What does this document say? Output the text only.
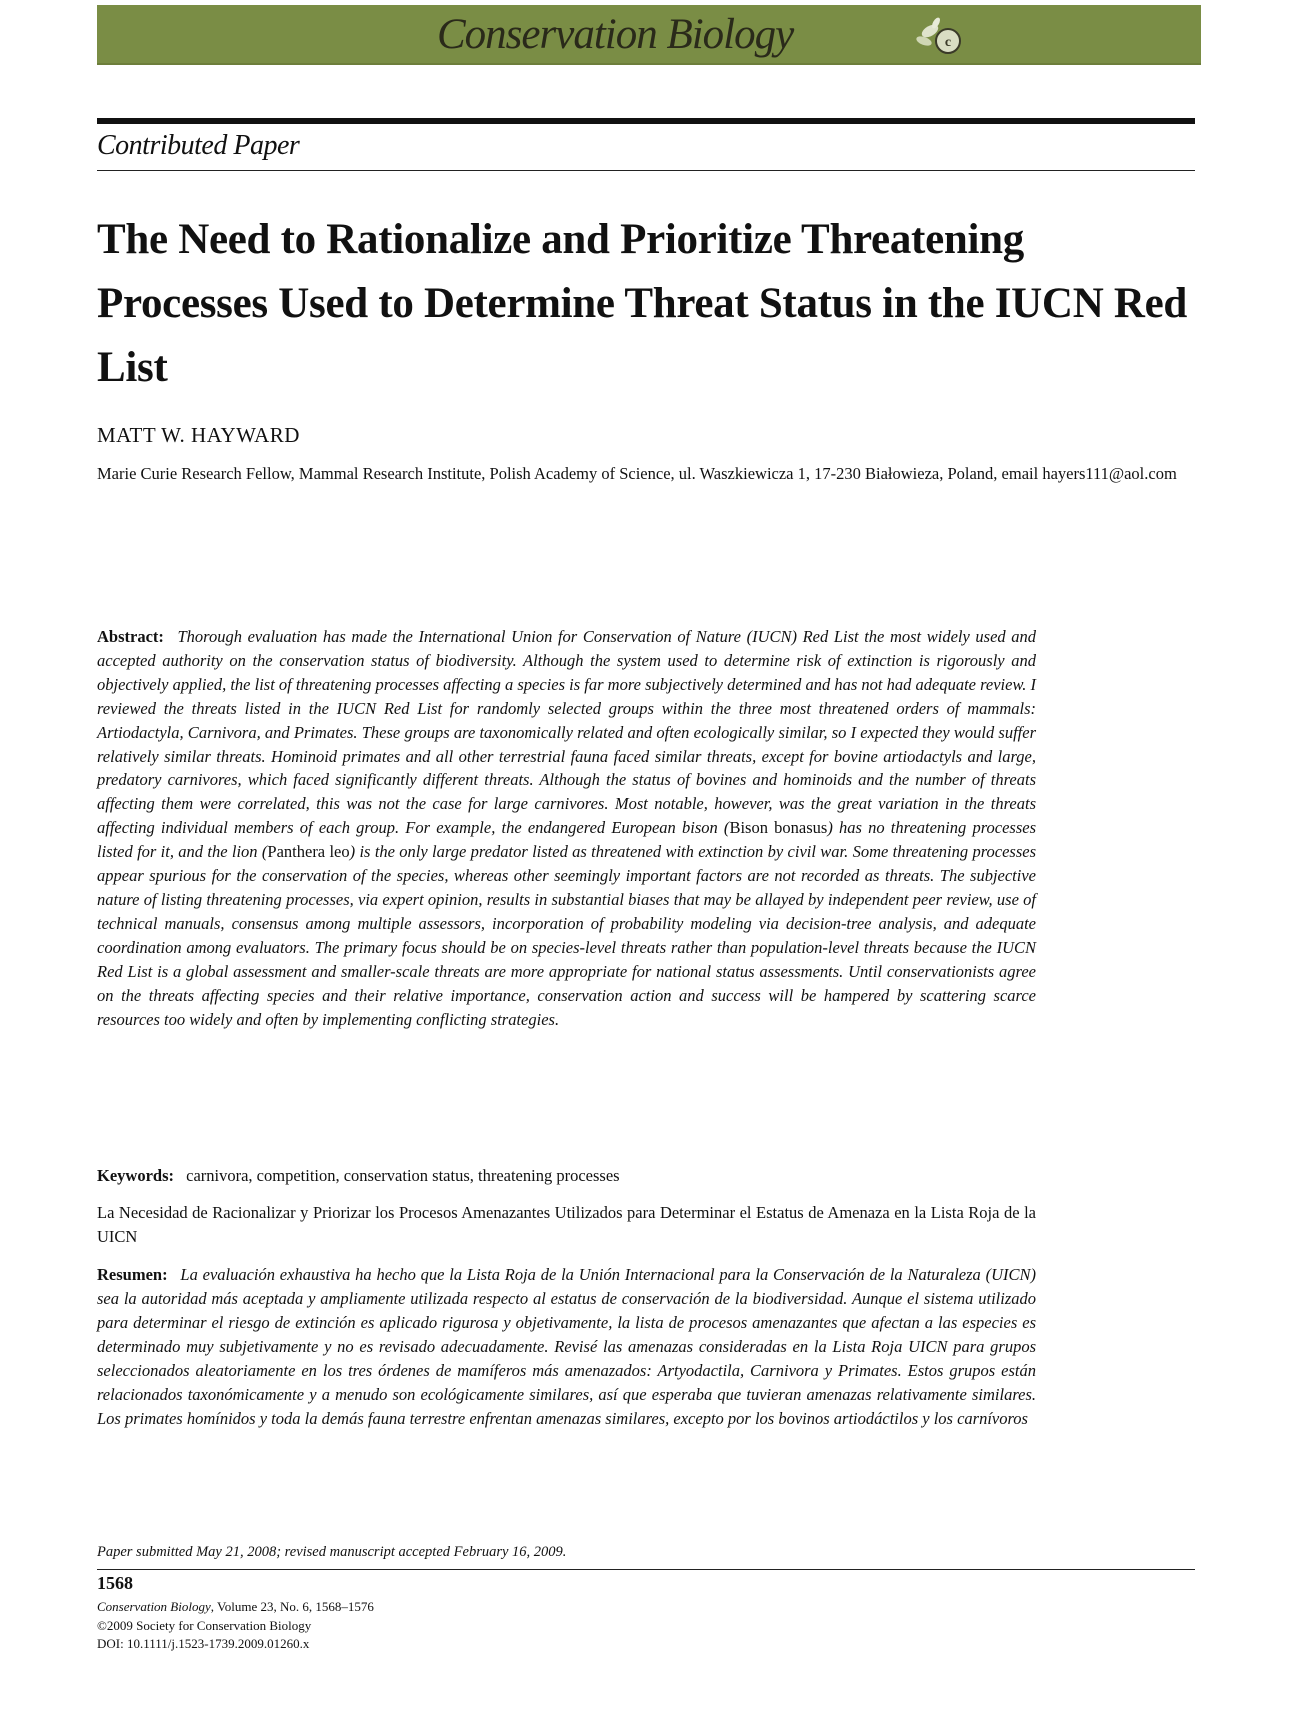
Conservation Biology	c
Contributed Paper
The Need to Rationalize and Prioritize Threatening Processes Used to Determine Threat Status in the IUCN Red List
MATT W. HAYWARD
Marie Curie Research Fellow, Mammal Research Institute, Polish Academy of Science, ul. Waszkiewicza 1, 17-230 Białowieza, Poland, email hayers111@aol.com
Abstract: Thorough evaluation has made the International Union for Conservation of Nature (IUCN) Red List the most widely used and accepted authority on the conservation status of biodiversity. Although the system used to determine risk of extinction is rigorously and objectively applied, the list of threatening processes affecting a species is far more subjectively determined and has not had adequate review. I reviewed the threats listed in the IUCN Red List for randomly selected groups within the three most threatened orders of mammals: Artiodactyla, Carnivora, and Primates. These groups are taxonomically related and often ecologically similar, so I expected they would suffer relatively similar threats. Hominoid primates and all other terrestrial fauna faced similar threats, except for bovine artiodactyls and large, predatory carnivores, which faced significantly different threats. Although the status of bovines and hominoids and the number of threats affecting them were correlated, this was not the case for large carnivores. Most notable, however, was the great variation in the threats affecting individual members of each group. For example, the endangered European bison (Bison bonasus) has no threatening processes listed for it, and the lion (Panthera leo) is the only large predator listed as threatened with extinction by civil war. Some threatening processes appear spurious for the conservation of the species, whereas other seemingly important factors are not recorded as threats. The subjective nature of listing threatening processes, via expert opinion, results in substantial biases that may be allayed by independent peer review, use of technical manuals, consensus among multiple assessors, incorporation of probability modeling via decision-tree analysis, and adequate coordination among evaluators. The primary focus should be on species-level threats rather than population-level threats because the IUCN Red List is a global assessment and smaller-scale threats are more appropriate for national status assessments. Until conservationists agree on the threats affecting species and their relative importance, conservation action and success will be hampered by scattering scarce resources too widely and often by implementing conflicting strategies.
Keywords: carnivora, competition, conservation status, threatening processes
La Necesidad de Racionalizar y Priorizar los Procesos Amenazantes Utilizados para Determinar el Estatus de Amenaza en la Lista Roja de la UICN
Resumen: La evaluación exhaustiva ha hecho que la Lista Roja de la Unión Internacional para la Conservación de la Naturaleza (UICN) sea la autoridad más aceptada y ampliamente utilizada respecto al estatus de conservación de la biodiversidad. Aunque el sistema utilizado para determinar el riesgo de extinción es aplicado rigurosa y objetivamente, la lista de procesos amenazantes que afectan a las especies es determinado muy subjetivamente y no es revisado adecuadamente. Revisé las amenazas consideradas en la Lista Roja UICN para grupos seleccionados aleatoriamente en los tres órdenes de mamíferos más amenazados: Artyodactila, Carnivora y Primates. Estos grupos están relacionados taxonómicamente y a menudo son ecológicamente similares, así que esperaba que tuvieran amenazas relativamente similares. Los primates homínidos y toda la demás fauna terrestre enfrentan amenazas similares, excepto por los bovinos artiodáctilos y los carnívoros
Paper submitted May 21, 2008; revised manuscript accepted February 16, 2009.
1568
Conservation Biology, Volume 23, No. 6, 1568–1576
©2009 Society for Conservation Biology
DOI: 10.1111/j.1523-1739.2009.01260.x
